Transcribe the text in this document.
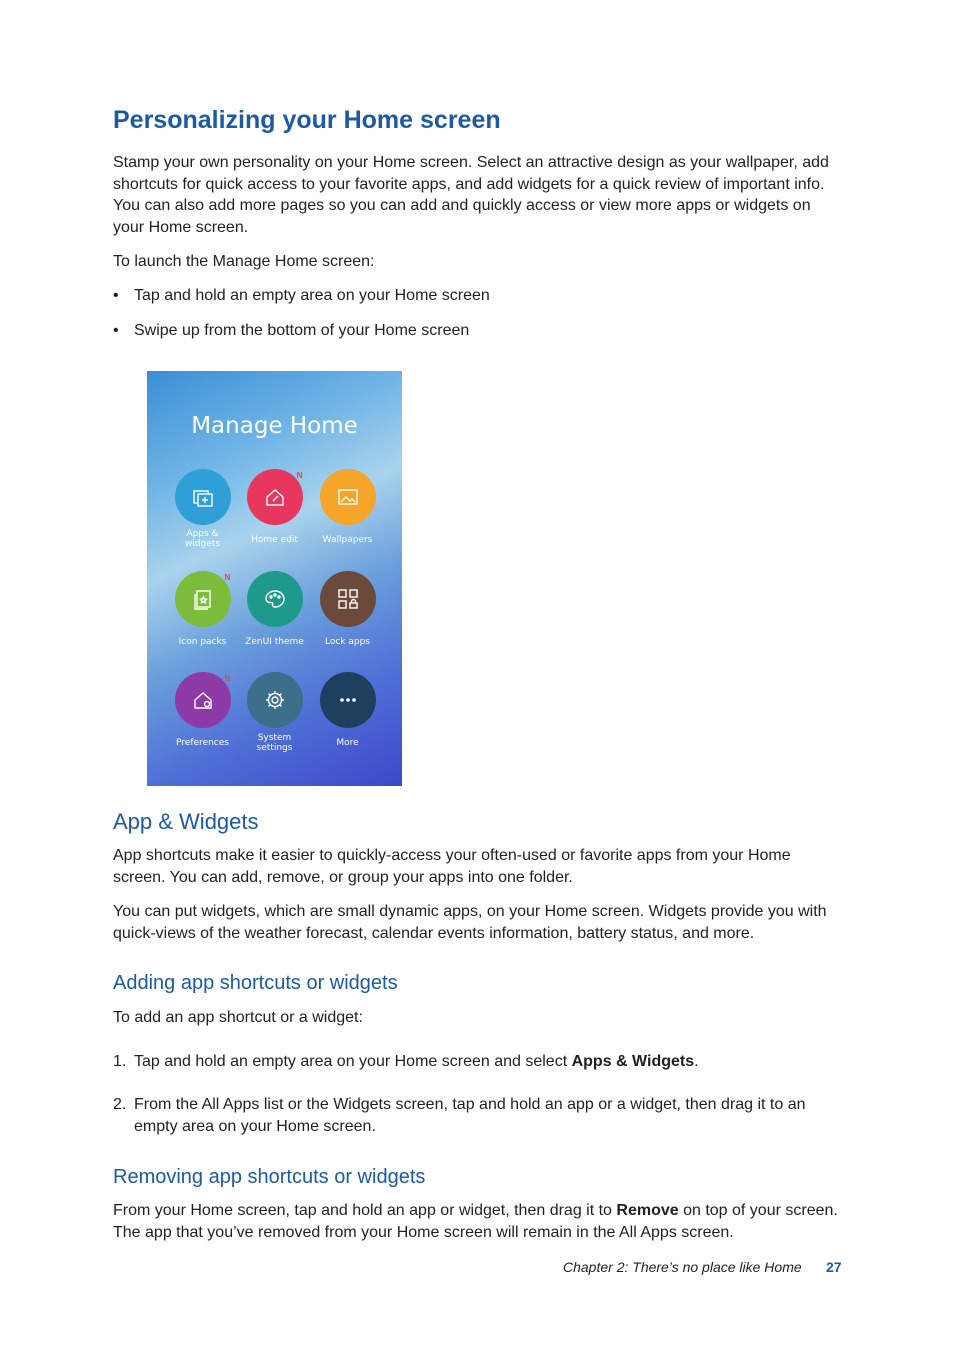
Personalizing your Home screen
Stamp your own personality on your Home screen. Select an attractive design as your wallpaper, add shortcuts for quick access to your favorite apps, and add widgets for a quick review of important info. You can also add more pages so you can add and quickly access or view more apps or widgets on your Home screen.
To launch the Manage Home screen:
• Tap and hold an empty area on your Home screen
• Swipe up from the bottom of your Home screen
Manage Home
Apps & widgets
N
Home edit	Wallpapers
N
Icon packs	ZenUI theme	Lock apps
N
Preferences	System settings	More
App & Widgets
App shortcuts make it easier to quickly-access your often-used or favorite apps from your Home screen. You can add, remove, or group your apps into one folder.
You can put widgets, which are small dynamic apps, on your Home screen. Widgets provide you with quick-views of the weather forecast, calendar events information, battery status, and more.
Adding app shortcuts or widgets
To add an app shortcut or a widget:
1. Tap and hold an empty area on your Home screen and select Apps & Widgets.
2. From the All Apps list or the Widgets screen, tap and hold an app or a widget, then drag it to an empty area on your Home screen.
Removing app shortcuts or widgets
From your Home screen, tap and hold an app or widget, then drag it to Remove on top of your screen. The app that you’ve removed from your Home screen will remain in the All Apps screen.
Chapter 2: There’s no place like Home 27
